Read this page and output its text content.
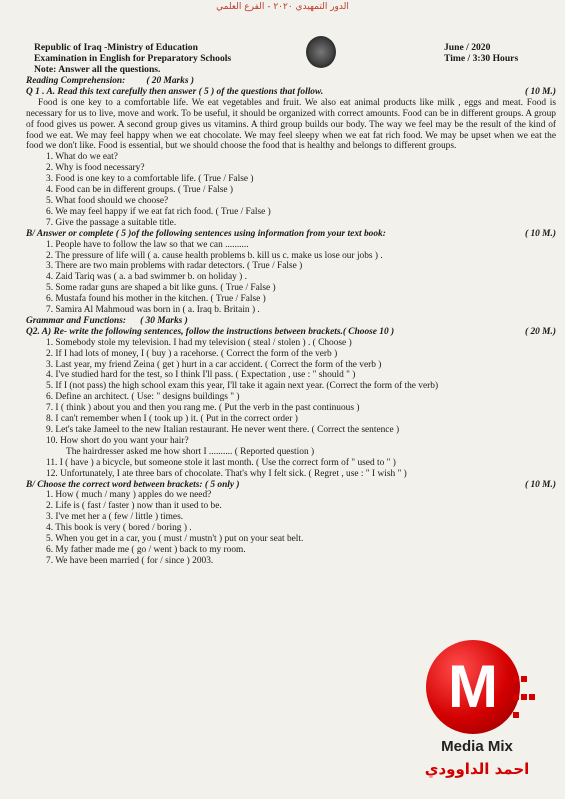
الدور التمهيدي ٢٠٢٠ - الفرع العلمي
Republic of Iraq -Ministry of Education
Examination in English for Preparatory Schools
Note: Answer all the questions.
June / 2020
Time / 3:30 Hours
Reading Comprehension: ( 20 Marks )
Q 1 . A. Read this text carefully then answer ( 5 ) of the questions that follow.	( 10 M.)
Food is one key to a comfortable life. We eat vegetables and fruit. We also eat animal products like milk , eggs and meat. Food is necessary for us to live, move and work. To be useful, it should be organized with correct amounts. Food can be in different groups. A group of food gives us power. A second group gives us vitamins. A third group builds our body. The way we feel may be the result of the kind of food we eat. We may feel happy when we eat chocolate. We may feel sleepy when we eat fat rich food. We may be upset when we eat the food we don't like. Food is essential, but we should choose the food that is healthy and belongs to different groups.
1. What do we eat?
2. Why is food necessary?
3. Food is one key to a comfortable life. ( True / False )
4. Food can be in different groups. ( True / False )
5. What food should we choose?
6. We may feel happy if we eat fat rich food. ( True / False )
7. Give the passage a suitable title.
B/ Answer or complete ( 5 )of the following sentences using information from your text book:	( 10 M.)
1. People have to follow the law so that we can ..........
2. The pressure of life will ( a. cause health problems b. kill us c. make us lose our jobs ) .
3. There are two main problems with radar detectors. ( True / False )
4. Zaid Tariq was ( a. a bad swimmer b. on holiday ) .
5. Some radar guns are shaped a bit like guns. ( True / False )
6. Mustafa found his mother in the kitchen. ( True / False )
7. Samira Al Mahmoud was born in ( a. Iraq b. Britain ) .
Grammar and Functions: ( 30 Marks )
Q2. A) Re- write the following sentences, follow the instructions between brackets.( Choose 10 )	( 20 M.)
1. Somebody stole my television. I had my television ( steal / stolen ) . ( Choose )
2. If I had lots of money, I ( buy ) a racehorse. ( Correct the form of the verb )
3. Last year, my friend Zeina ( get ) hurt in a car accident. ( Correct the form of the verb )
4. I've studied hard for the test, so I think I'll pass. ( Expectation , use : " should " )
5. If I (not pass) the high school exam this year, I'll take it again next year. (Correct the form of the verb)
6. Define an architect. ( Use: " designs buildings " )
7. I ( think ) about you and then you rang me. ( Put the verb in the past continuous )
8. I can't remember when I ( took up ) it. ( Put in the correct order )
9. Let's take Jameel to the new Italian restaurant. He never went there. ( Correct the sentence )
10. How short do you want your hair?
The hairdresser asked me how short I .......... ( Reported question )
11. I ( have ) a bicycle, but someone stole it last month. ( Use the correct form of " used to " )
12. Unfortunately, I ate three bars of chocolate. That's why I felt sick. ( Regret , use : " I wish " )
B/ Choose the correct word between brackets: ( 5 only )	( 10 M.)
1. How ( much / many ) apples do we need?
2. Life is ( fast / faster ) now than it used to be.
3. I've met her a ( few / little ) times.
4. This book is very ( bored / boring ) .
5. When you get in a car, you ( must / mustn't ) put on your seat belt.
6. My father made me ( go / went ) back to my room.
7. We have been married ( for / since ) 2003.
M

Media Mix
احمد الداوودي
